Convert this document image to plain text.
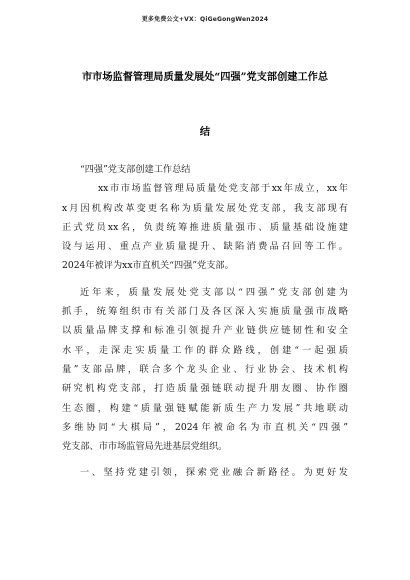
更多免费公文+VX：QiGeGongWen2024
市市场监督管理局质量发展处“四强”党支部创建工作总
结
“四强”党支部创建工作总结
xx市市场监督管理局质量处党支部于xx年成立，xx年
x月因机构改革变更名称为质量发展处党支部，我支部现有
正式党员xx名，负责统筹推进质量强市、质量基础设施建
设与运用、重点产业质量提升、缺陷消费品召回等工作。
2024年被评为xx市直机关“四强”党支部。
近年来，质量发展处党支部以“四强”党支部创建为
抓手，统筹组织市有关部门及各区深入实施质量强市战略
以质量品牌支撑和标准引领提升产业链供应链韧性和安全
水平，走深走实质量工作的群众路线，创建“一起强质
量”支部品牌，联合多个龙头企业、行业协会、技术机构
研究机构党支部，打造质量强链联动提升朋友圈、协作圈
生态圈，构建“质量强链赋能新质生产力发展”共地联动
多维协同“大棋局”，2024年被命名为市直机关“四强”
党支部、市市场监管局先进基层党组织。
一、坚持党建引领，探索党业融合新路径。为更好发
